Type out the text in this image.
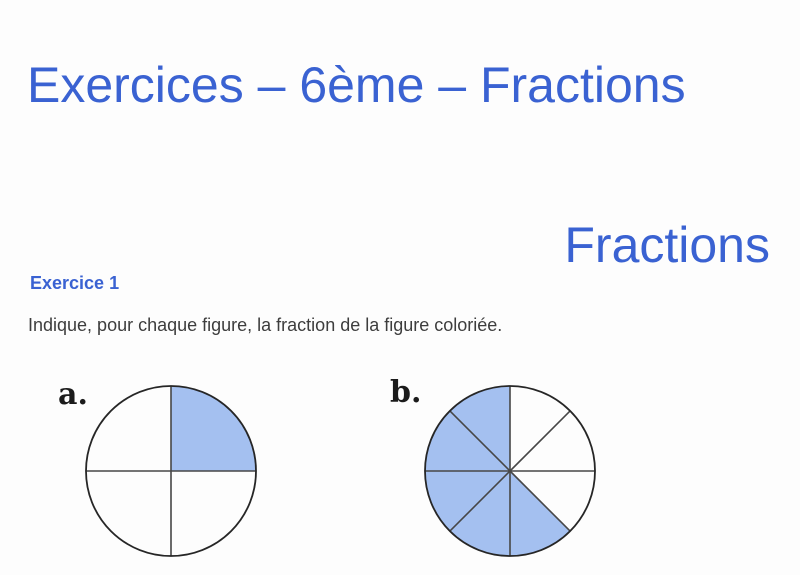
Exercices – 6ème – Fractions
Fractions
Exercice 1

Indique, pour chaque figure, la fraction de la figure coloriée.

a.	b.
